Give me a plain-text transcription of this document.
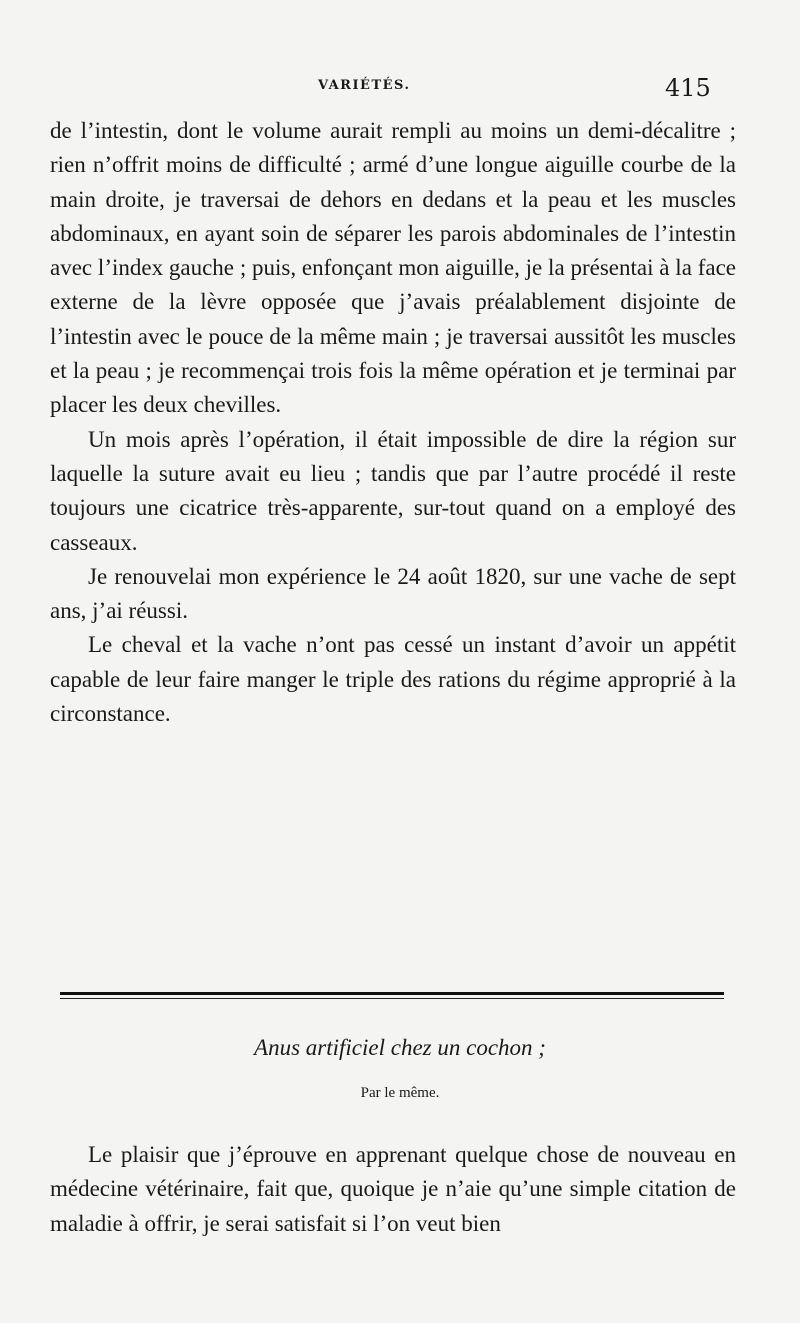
VARIÉTÉS.	415

de l’intestin, dont le volume aurait rempli au moins un demi-décalitre ; rien n’offrit moins de difficulté ; armé d’une longue aiguille courbe de la main droite, je traversai de dehors en dedans et la peau et les muscles abdominaux, en ayant soin de séparer les parois abdominales de l’intestin avec l’index gauche ; puis, enfonçant mon aiguille, je la présentai à la face externe de la lèvre opposée que j’avais préalablement disjointe de l’intestin avec le pouce de la même main ; je traversai aussitôt les muscles et la peau ; je recommençai trois fois la même opération et je terminai par placer les deux chevilles.

Un mois après l’opération, il était impossible de dire la région sur laquelle la suture avait eu lieu ; tandis que par l’autre procédé il reste toujours une cicatrice très-apparente, sur-tout quand on a employé des casseaux.

Je renouvelai mon expérience le 24 août 1820, sur une vache de sept ans, j’ai réussi.

Le cheval et la vache n’ont pas cessé un instant d’avoir un appétit capable de leur faire manger le triple des rations du régime approprié à la circonstance.

Anus artificiel chez un cochon ;
Par le même.

Le plaisir que j’éprouve en apprenant quelque chose de nouveau en médecine vétérinaire, fait que, quoique je n’aie qu’une simple citation de maladie à offrir, je serai satisfait si l’on veut bien
